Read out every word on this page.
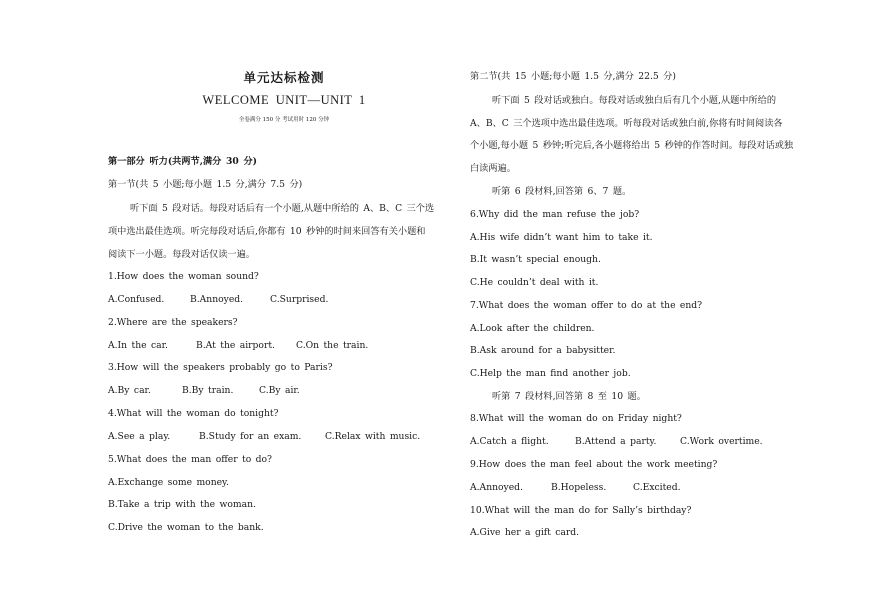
单元达标检测
WELCOME UNIT—UNIT 1
全卷满分 150 分 考试用时 120 分钟
第一部分 听力(共两节,满分 30 分)
第一节(共 5 小题;每小题 1.5 分,满分 7.5 分)
听下面 5 段对话。每段对话后有一个小题,从题中所给的 A、B、C 三个选
项中选出最佳选项。听完每段对话后,你都有 10 秒钟的时间来回答有关小题和
阅读下一小题。每段对话仅读一遍。
1.How does the woman sound?
A.Confused.	B.Annoyed.	C.Surprised.
2.Where are the speakers?
A.In the car.	B.At the airport. C.On the train.
3.How will the speakers probably go to Paris?
A.By car.	B.By train.	C.By air.
4.What will the woman do tonight?
A.See a play.	B.Study for an exam.	C.Relax with music.
5.What does the man offer to do?
A.Exchange some money.
B.Take a trip with the woman.
C.Drive the woman to the bank.
第二节(共 15 小题;每小题 1.5 分,满分 22.5 分)
听下面 5 段对话或独白。每段对话或独白后有几个小题,从题中所给的
A、B、C 三个选项中选出最佳选项。听每段对话或独白前,你将有时间阅读各
个小题,每小题 5 秒钟;听完后,各小题将给出 5 秒钟的作答时间。每段对话或独
白读两遍。
听第 6 段材料,回答第 6、7 题。
6.Why did the man refuse the job?
A.His wife didn’t want him to take it.
B.It wasn’t special enough.
C.He couldn’t deal with it.
7.What does the woman offer to do at the end?
A.Look after the children.
B.Ask around for a babysitter.
C.Help the man find another job.
听第 7 段材料,回答第 8 至 10 题。
8.What will the woman do on Friday night?
A.Catch a flight.	B.Attend a party.	C.Work overtime.
9.How does the man feel about the work meeting?
A.Annoyed.	B.Hopeless.	C.Excited.
10.What will the man do for Sally’s birthday?
A.Give her a gift card.
